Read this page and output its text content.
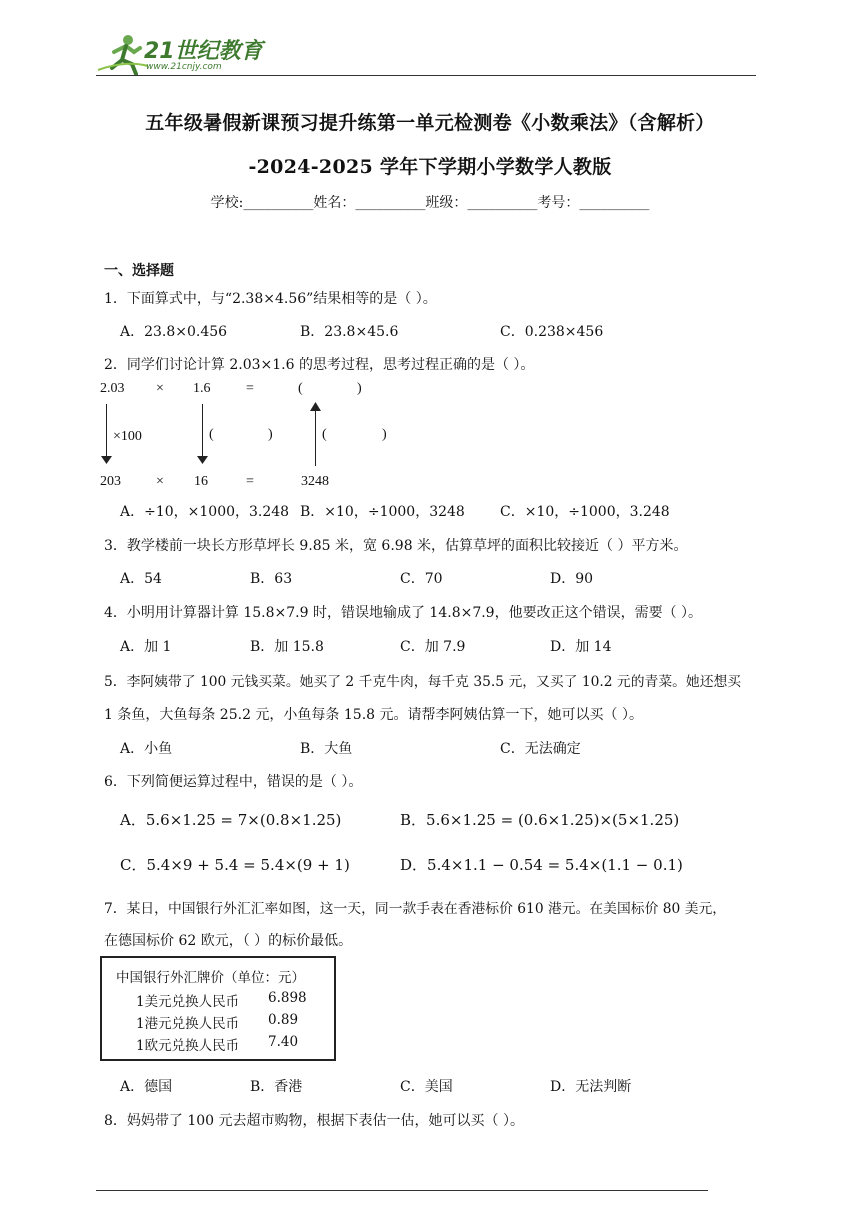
21世纪教育
www.21cnjy.com
五年级暑假新课预习提升练第一单元检测卷《小数乘法》（含解析）
-2024-2025 学年下学期小学数学人教版
学校:__________姓名：__________班级：__________考号：__________
一、选择题
1．下面算式中，与“2.38×4.56”结果相等的是（ ）。
A．23.8×0.456	B．23.8×45.6	C．0.238×456
2．同学们讨论计算 2.03×1.6 的思考过程，思考过程正确的是（ ）。
2.03 × 1.6	=	(	)
×100	(	)	(	)
203	× 16	=	3248
A．÷10，×1000，3.248 B．×10，÷1000，3248	C．×10，÷1000，3.248
3．教学楼前一块长方形草坪长 9.85 米，宽 6.98 米，估算草坪的面积比较接近（ ）平方米。
A．54	B．63	C．70	D．90
4．小明用计算器计算 15.8×7.9 时，错误地输成了 14.8×7.9，他要改正这个错误，需要（ ）。
A．加 1	B．加 15.8	C．加 7.9	D．加 14
5．李阿姨带了 100 元钱买菜。她买了 2 千克牛肉，每千克 35.5 元，又买了 10.2 元的青菜。她还想买
1 条鱼，大鱼每条 25.2 元，小鱼每条 15.8 元。请帮李阿姨估算一下，她可以买（ ）。
A．小鱼	B．大鱼	C．无法确定
6．下列简便运算过程中，错误的是（ ）。
A．5.6×1.25 = 7×(0.8×1.25)	B．5.6×1.25 = (0.6×1.25)×(5×1.25)
C．5.4×9 + 5.4 = 5.4×(9 + 1)	D．5.4×1.1 − 0.54 = 5.4×(1.1 − 0.1)
7．某日，中国银行外汇汇率如图，这一天，同一款手表在香港标价 610 港元。在美国标价 80 美元，
在德国标价 62 欧元，（ ）的标价最低。
中国银行外汇牌价（单位：元）
1美元兑换人民币 6.898
1港元兑换人民币 0.89
1欧元兑换人民币 7.40
A．德国	B．香港	C．美国	D．无法判断
8．妈妈带了 100 元去超市购物，根据下表估一估，她可以买（ ）。
